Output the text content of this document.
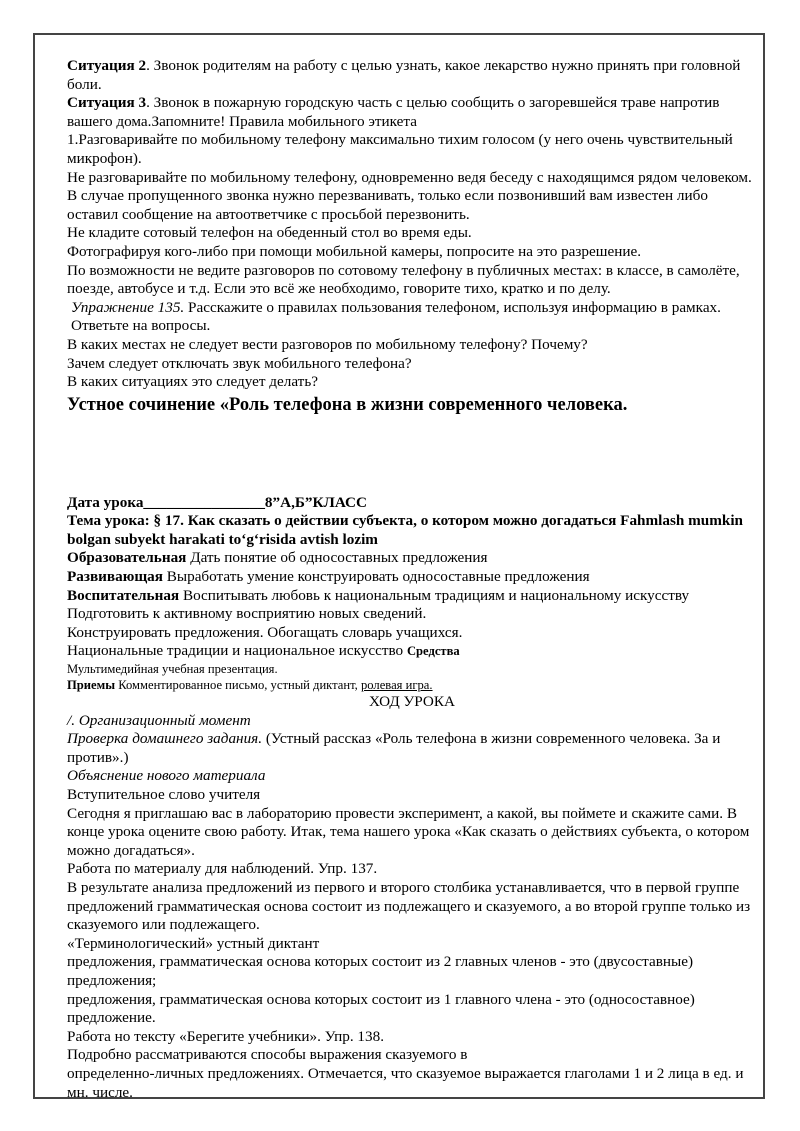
Ситуация 2. Звонок родителям на работу с целью узнать, какое лекарство нужно принять при головной боли.

Ситуация 3. Звонок в пожарную городскую часть с целью сообщить о загоревшейся траве напротив вашего дома.Запомните! Правила мобильного этикета

1.Разговаривайте по мобильному телефону максимально тихим голосом (у него очень чувствительный микрофон).

Не разговаривайте по мобильному телефону, одновременно ведя беседу с находящимся рядом человеком.

В случае пропущенного звонка нужно перезванивать, только если позвонивший вам известен либо оставил сообщение на автоответчике с просьбой перезвонить.

Не кладите сотовый телефон на обеденный стол во время еды.

Фотографируя кого-либо при помощи мобильной камеры, попросите на это разрешение.

По возможности не ведите разговоров по сотовому телефону в публичных местах: в классе, в самолёте, поезде, автобусе и т.д. Если это всё же необходимо, говорите тихо, кратко и по делу.

Упражнение 135. Расскажите о правилах пользования телефоном, используя информацию в рамках. Ответьте на вопросы.

В каких местах не следует вести разговоров по мобильному телефону? Почему?

Зачем следует отключать звук мобильного телефона?

В каких ситуациях это следует делать?

Устное сочинение «Роль телефона в жизни современного человека.

Дата урока________________8”А,Б”КЛАСС

Тема урока: § 17. Как сказать о действии субъекта, о котором можно догадаться Fahmlash mumkin bolgan subyekt harakati to‘g‘risida avtish lozim

Образовательная Дать понятие об односоставных предложения

Развивающая Выработать умение конструировать односоставные предложения

Воспитательная Воспитывать любовь к национальным традициям и национальному искусству

Подготовить к активному восприятию новых сведений.

Конструировать предложения. Обогащать словарь учащихся.

Национальные традиции и национальное искусство Средства

Мультимедийная учебная презентация.

Приемы Комментированное письмо, устный диктант, ролевая игра.

ХОД УРОКА

/. Организационный момент

Проверка домашнего задания. (Устный рассказ «Роль телефона в жизни современного человека. За и против».)

Объяснение нового материала

Вступительное слово учителя

Сегодня я приглашаю вас в лабораторию провести эксперимент, а какой, вы поймете и скажите сами. В конце урока оцените свою работу. Итак, тема нашего урока «Как сказать о действиях субъекта, о котором можно догадаться».

Работа по материалу для наблюдений. Упр. 137.

В результате анализа предложений из первого и второго столбика устанавливается, что в первой группе предложений грамматическая основа состоит из подлежащего и сказуемого, а во второй группе только из сказуемого или подлежащего.

«Терминологический» устный диктант

предложения, грамматическая основа которых состоит из 2 главных членов - это (двусоставные) предложения;

предложения, грамматическая основа которых состоит из 1 главного члена - это (односоставное) предложение.

Работа но тексту «Берегите учебники». Упр. 138.

Подробно рассматриваются способы выражения сказуемого в

определенно-личных предложениях. Отмечается, что сказуемое выражается глаголами 1 и 2 лица в ед. и мн. числе.
